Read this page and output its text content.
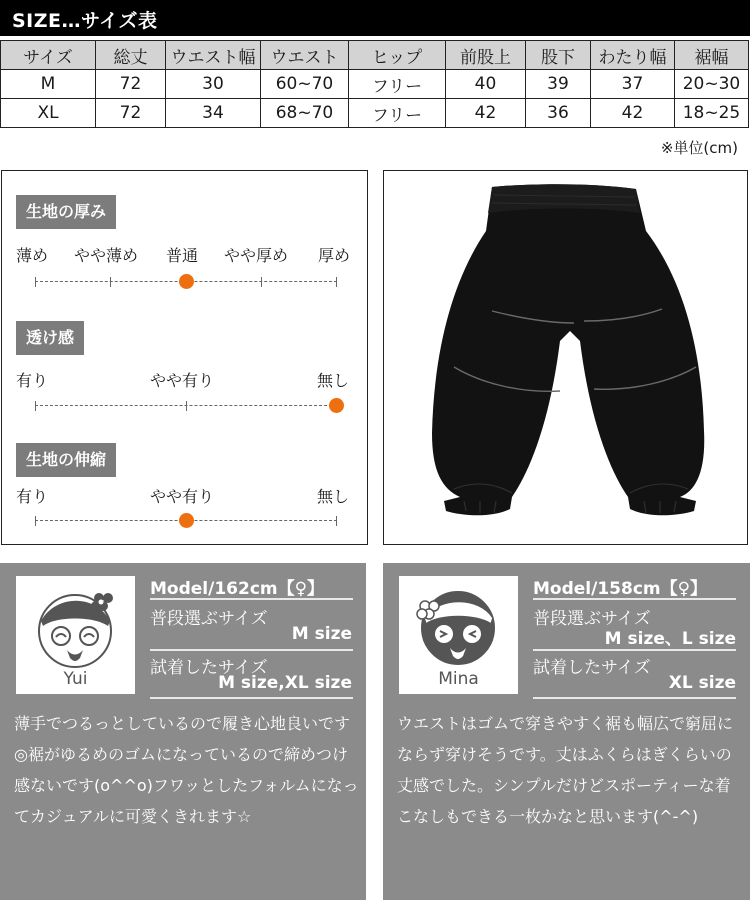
SIZE…サイズ表
サイズ	総丈	ウエスト幅	ウエスト	ヒップ	前股上	股下	わたり幅	裾幅
M	72	30	60~70	フリー	40	39	37	20~30
XL	72	34	68~70	フリー	42	36	42	18~25
※単位(cm)
生地の厚み
薄め やや薄め 普通 やや厚め 厚め
透け感
有り	やや有り	無し
生地の伸縮
有り	やや有り	無し
Yui
Model/162cm【♀】
普段選ぶサイズ
M size
試着したサイズ
M size,XL size
薄手でつるっとしているので履き心地良いです◎裾がゆるめのゴムになっているので締めつけ感ないです(o^^o)フワッとしたフォルムになってカジュアルに可愛くきれます☆
Mina
Model/158cm【♀】
普段選ぶサイズ
M size、L size
試着したサイズ
XL size
ウエストはゴムで穿きやすく裾も幅広で窮屈にならず穿けそうです。丈はふくらはぎくらいの丈感でした。シンプルだけどスポーティーな着こなしもできる一枚かなと思います(^-^)
